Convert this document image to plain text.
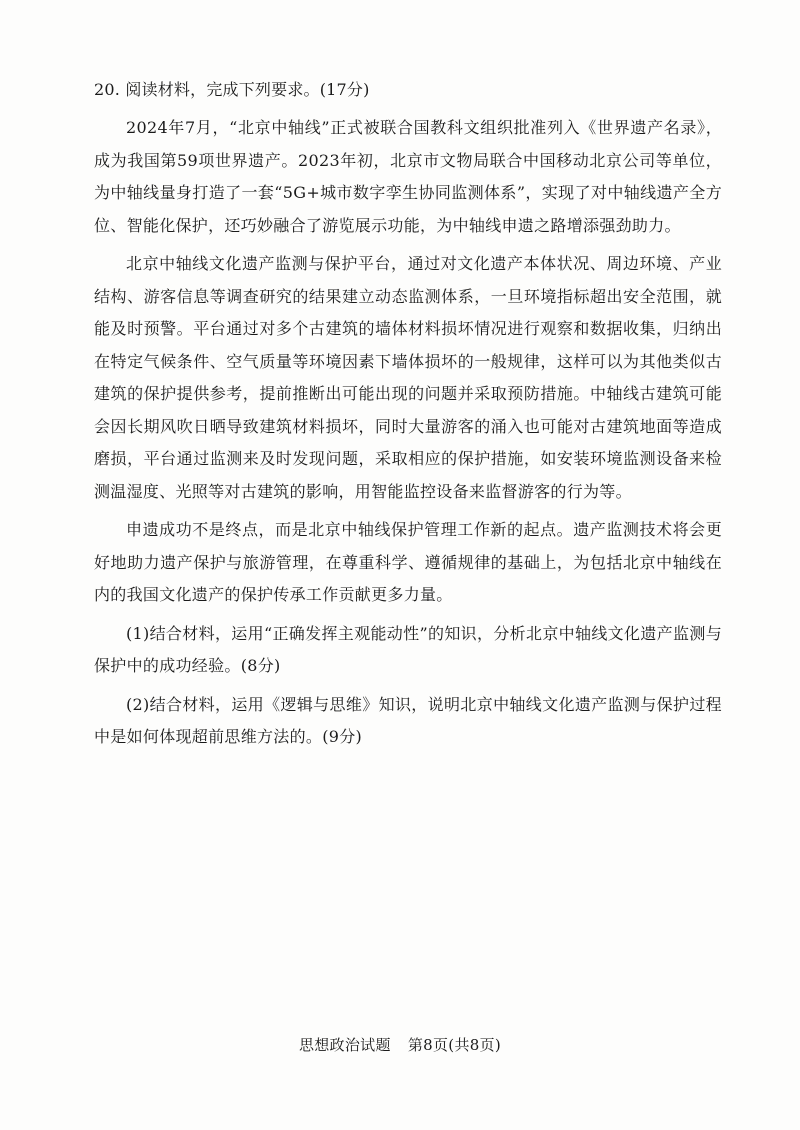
20. 阅读材料，完成下列要求。(17分)

2024年7月，“北京中轴线”正式被联合国教科文组织批准列入《世界遗产名录》，成为我国第59项世界遗产。2023年初，北京市文物局联合中国移动北京公司等单位，为中轴线量身打造了一套“5G+城市数字孪生协同监测体系”，实现了对中轴线遗产全方位、智能化保护，还巧妙融合了游览展示功能，为中轴线申遗之路增添强劲助力。

北京中轴线文化遗产监测与保护平台，通过对文化遗产本体状况、周边环境、产业结构、游客信息等调查研究的结果建立动态监测体系，一旦环境指标超出安全范围，就能及时预警。平台通过对多个古建筑的墙体材料损坏情况进行观察和数据收集，归纳出在特定气候条件、空气质量等环境因素下墙体损坏的一般规律，这样可以为其他类似古建筑的保护提供参考，提前推断出可能出现的问题并采取预防措施。中轴线古建筑可能会因长期风吹日晒导致建筑材料损坏，同时大量游客的涌入也可能对古建筑地面等造成磨损，平台通过监测来及时发现问题，采取相应的保护措施，如安装环境监测设备来检测温湿度、光照等对古建筑的影响，用智能监控设备来监督游客的行为等。

申遗成功不是终点，而是北京中轴线保护管理工作新的起点。遗产监测技术将会更好地助力遗产保护与旅游管理，在尊重科学、遵循规律的基础上，为包括北京中轴线在内的我国文化遗产的保护传承工作贡献更多力量。

(1)结合材料，运用“正确发挥主观能动性”的知识，分析北京中轴线文化遗产监测与保护中的成功经验。(8分)

(2)结合材料，运用《逻辑与思维》知识，说明北京中轴线文化遗产监测与保护过程中是如何体现超前思维方法的。(9分)

思想政治试题 第8页(共8页)
